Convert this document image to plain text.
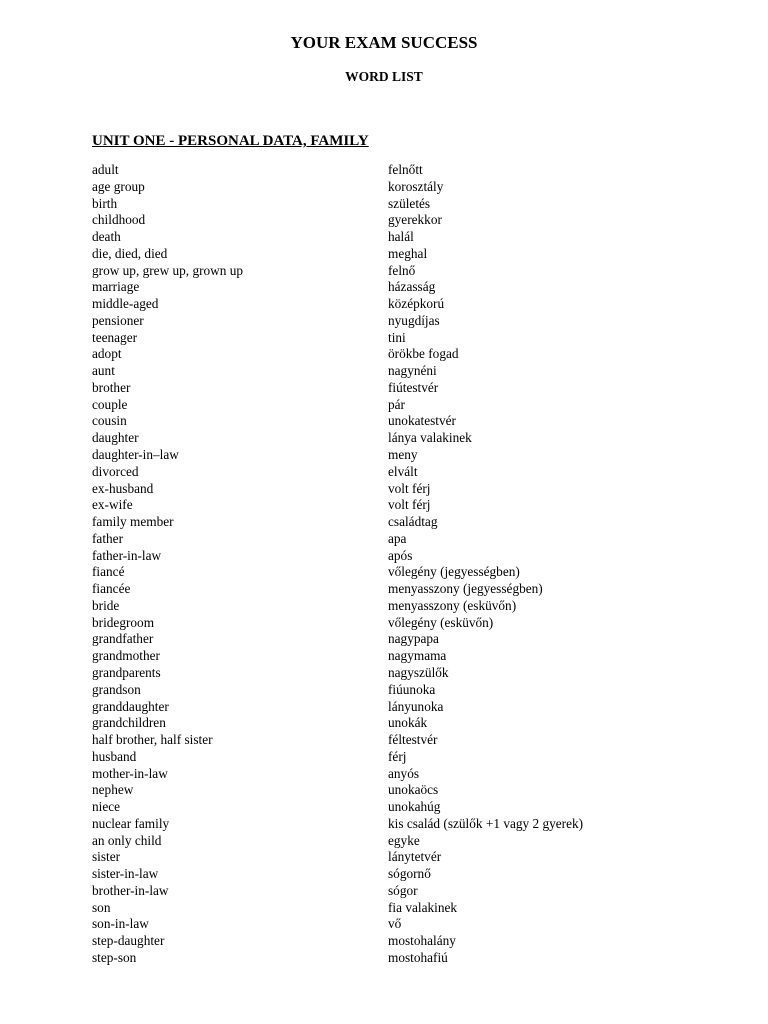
YOUR EXAM SUCCESS
WORD LIST
UNIT ONE - PERSONAL DATA, FAMILY
adult	felnőtt
age group	korosztály
birth	születés
childhood	gyerekkor
death	halál
die, died, died	meghal
grow up, grew up, grown up	felnő
marriage	házasság
middle-aged	középkorú
pensioner	nyugdíjas
teenager	tini
adopt	örökbe fogad
aunt	nagynéni
brother	fiútestvér
couple	pár
cousin	unokatestvér
daughter	lánya valakinek
daughter-in–law	meny
divorced	elvált
ex-husband	volt férj
ex-wife	volt férj
family member	családtag
father	apa
father-in-law	após
fiancé	vőlegény (jegyességben)
fiancée	menyasszony (jegyességben)
bride	menyasszony (esküvőn)
bridegroom	vőlegény (esküvőn)
grandfather	nagypapa
grandmother	nagymama
grandparents	nagyszülők
grandson	fiúunoka
granddaughter	lányunoka
grandchildren	unokák
half brother, half sister	féltestvér
husband	férj
mother-in-law	anyós
nephew	unokaöcs
niece	unokahúg
nuclear family	kis család (szülők +1 vagy 2 gyerek)
an only child	egyke
sister	lánytetvér
sister-in-law	sógornő
brother-in-law	sógor
son	fia valakinek
son-in-law	vő
step-daughter	mostohalány
step-son	mostohafiú
